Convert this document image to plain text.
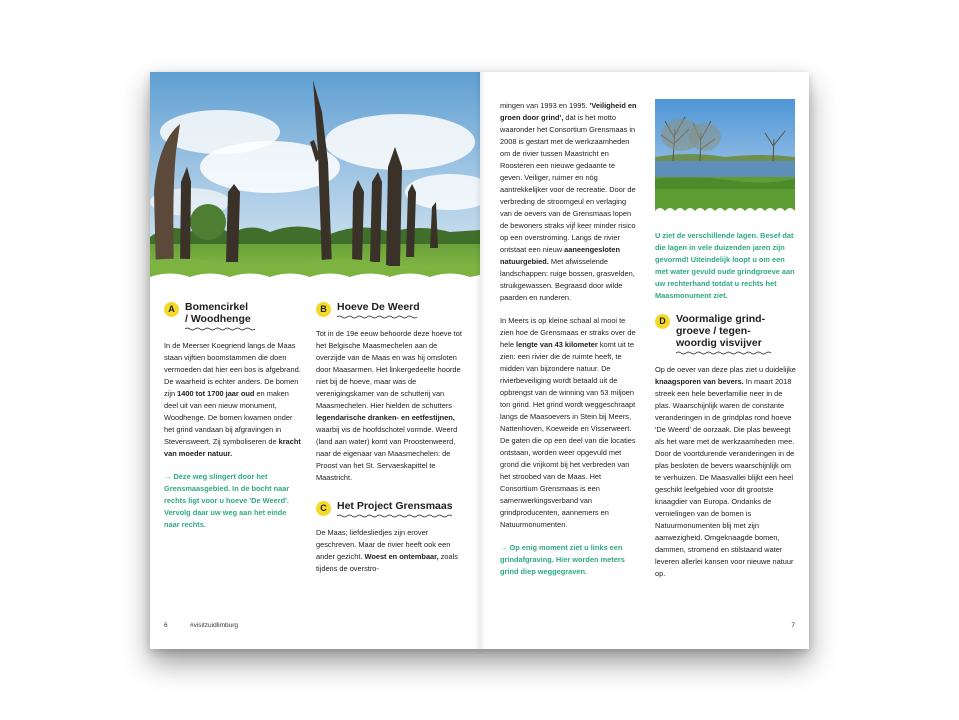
A Bomencirkel
/ Woodhenge

In de Meerser Koegriend langs de Maas staan vijftien boomstammen die doen vermoeden dat hier een bos is afgebrand. De waarheid is echter anders. De bomen zijn 1400 tot 1700 jaar oud en maken deel uit van een nieuw monument, Woodhenge. De bomen kwamen onder het grind vandaan bij afgravingen in Stevensweert. Zij symboliseren de kracht van moeder natuur.

→ Deze weg slingert door het Grensmaasgebied. In de bocht naar rechts ligt voor u hoeve 'De Weerd'. Vervolg daar uw weg aan het einde naar rechts.

B Hoeve De Weerd

Tot in de 19e eeuw behoorde deze hoeve tot het Belgische Maasmechelen aan de overzijde van de Maas en was hij omsloten door Maasarmen. Het linkergedeelte hoorde niet bij de hoeve, maar was de verenigingskamer van de schutterij van Maasmechelen. Hier hielden de schutters legendarische dranken- en eetfestijnen, waarbij vis de hoofdschotel vormde. Weerd (land aan water) komt van Proostenweerd, naar de eigenaar van Maasmechelen: de Proost van het St. Servaeskapittel te Maastricht.

C Het Project Grensmaas

De Maas; liefdesliedjes zijn erover geschreven. Maar de rivier heeft ook een ander gezicht. Woest en ontembaar, zoals tijdens de overstro-

6	#visitzuidlimburg

mingen van 1993 en 1995. 'Veiligheid en groen door grind', dat is het motto waaronder het Consortium Grensmaas in 2008 is gestart met de werkzaamheden om de rivier tussen Maastricht en Roosteren een nieuwe gedaante te geven. Veiliger, ruimer en nóg aantrekkelijker voor de recreatie. Door de verbreding de stroomgeul en verlaging van de oevers van de Grensmaas lopen de bewoners straks vijf keer minder risico op een overstroming. Langs de rivier ontstaat een nieuw aaneengesloten natuurgebied. Met afwisselende landschappen: ruige bossen, grasvelden, struikgewassen. Begraasd door wilde paarden en runderen.

In Meers is op kleine schaal al mooi te zien hoe de Grensmaas er straks over de hele lengte van 43 kilometer komt uit te zien: een rivier die de ruimte heeft, te midden van bijzondere natuur. De rivierbeveiliging wordt betaald uit de opbrengst van de winning van 53 miljoen ton grind. Het grind wordt weggeschraapt langs de Maasoevers in Stein bij Meers, Nattenhoven, Koeweide en Visserweert. De gaten die op een deel van die locaties ontstaan, worden weer opgevuld met grond die vrijkomt bij het verbreden van het stroobed van de Maas. Het Consortium Grensmaas is een samenwerkingsverband van grindproducenten, aannemers en Natuurmonumenten.

→ Op enig moment ziet u links een grindafgraving. Hier worden meters grind diep weggegraven.

U ziet de verschillende lagen. Besef dat die lagen in vele duizenden jaren zijn gevormd! Uiteindelijk loopt u om een met water gevuld oude grindgroeve aan uw rechterhand totdat u rechts het Maasmonument ziet.

D Voormalige grind-
groeve / tegen-
woordig visvijver

Op de oever van deze plas ziet u duidelijke knaagsporen van bevers. In maart 2018 streek een hele beverfamilie neer in de plas. Waarschijnlijk waren de constante veranderingen in de grindplas rond hoeve 'De Weerd' de oorzaak. Die plas beweegt als het ware met de werkzaamheden mee. Door de voortdurende veranderingen in de plas besloten de bevers waarschijnlijk om te verhuizen. De Maasvallei blijkt een heel geschikt leefgebied voor dit grootste knaagdier van Europa. Ondanks de vernielingen van de bomen is Natuurmonumenten blij met zijn aanwezigheid. Omgeknaagde bomen, dammen, stromend en stilstaand water leveren allerlei kansen voor nieuwe natuur op.

7
